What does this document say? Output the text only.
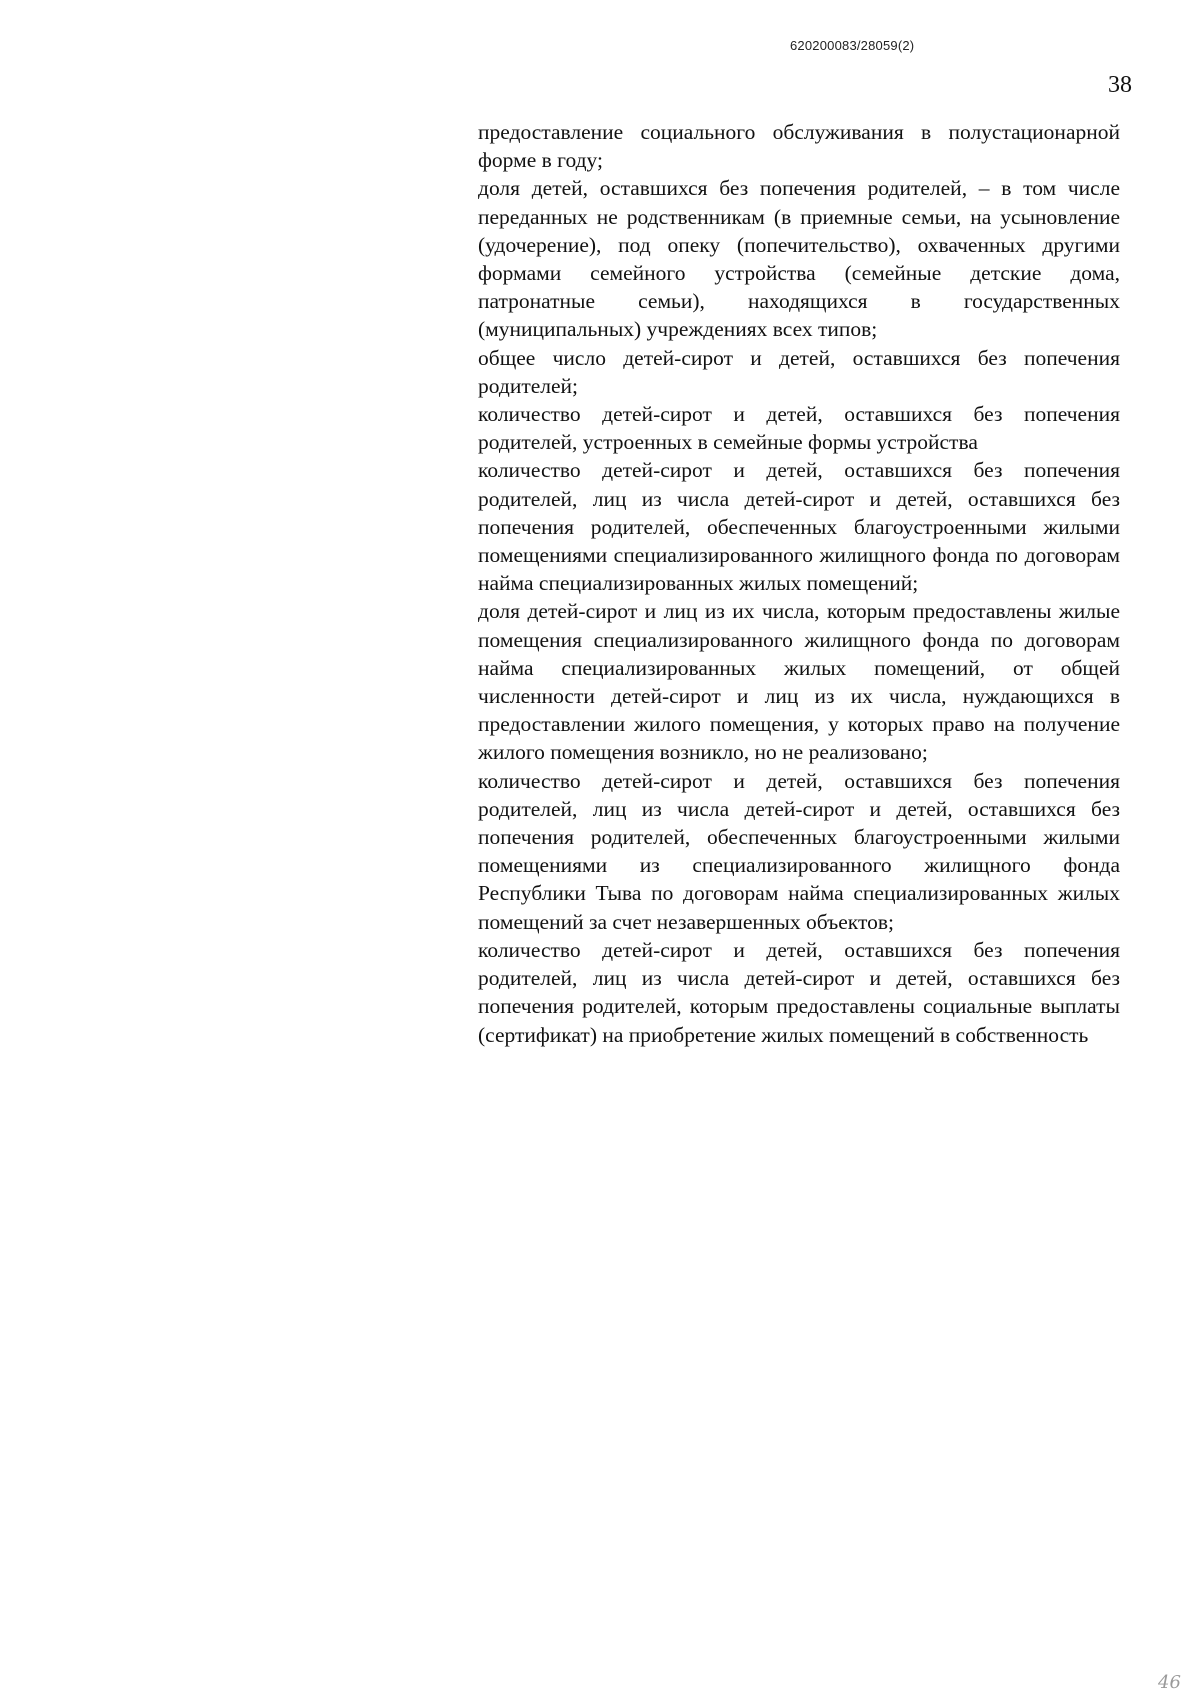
620200083/28059(2)
38

предоставление социального обслуживания в полустационарной форме в году;

доля детей, оставшихся без попечения родителей, – в том числе переданных не родственникам (в приемные семьи, на усыновление (удочерение), под опеку (попечительство), охваченных другими формами семейного устройства (семейные детские дома, патронатные семьи), находящихся в государственных (муниципальных) учреждениях всех типов;

общее число детей-сирот и детей, оставшихся без попечения родителей;

количество детей-сирот и детей, оставшихся без попечения родителей, устроенных в семейные формы устройства

количество детей-сирот и детей, оставшихся без попечения родителей, лиц из числа детей-сирот и детей, оставшихся без попечения родителей, обеспеченных благоустроенными жилыми помещениями специализированного жилищного фонда по договорам найма специализированных жилых помещений;

доля детей-сирот и лиц из их числа, которым предоставлены жилые помещения специализированного жилищного фонда по договорам найма специализированных жилых помещений, от общей численности детей-сирот и лиц из их числа, нуждающихся в предоставлении жилого помещения, у которых право на получение жилого помещения возникло, но не реализовано;

количество детей-сирот и детей, оставшихся без попечения родителей, лиц из числа детей-сирот и детей, оставшихся без попечения родителей, обеспеченных благоустроенными жилыми помещениями из специализированного жилищного фонда Республики Тыва по договорам найма специализированных жилых помещений за счет незавершенных объектов;

количество детей-сирот и детей, оставшихся без попечения родителей, лиц из числа детей-сирот и детей, оставшихся без попечения родителей, которым предоставлены социальные выплаты (сертификат) на приобретение жилых помещений в собственность

46
